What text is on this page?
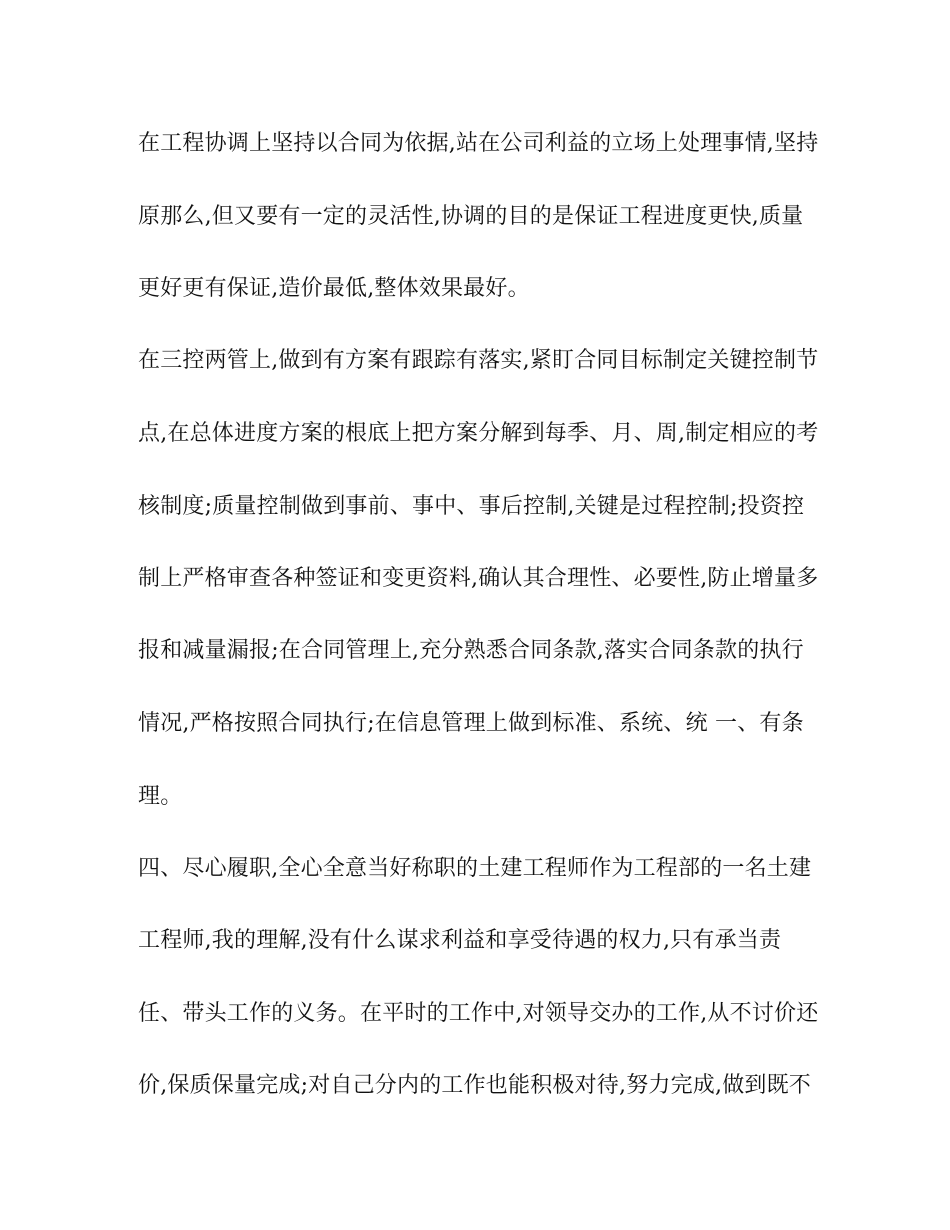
在工程协调上坚持以合同为依据,站在公司利益的立场上处理事情,坚持
原那么,但又要有一定的灵活性,协调的目的是保证工程进度更快,质量
更好更有保证,造价最低,整体效果最好。
在三控两管上,做到有方案有跟踪有落实,紧盯合同目标制定关键控制节
点,在总体进度方案的根底上把方案分解到每季、月、周,制定相应的考
核制度;质量控制做到事前、事中、事后控制,关键是过程控制;投资控
制上严格审查各种签证和变更资料,确认其合理性、必要性,防止增量多
报和减量漏报;在合同管理上,充分熟悉合同条款,落实合同条款的执行
情况,严格按照合同执行;在信息管理上做到标准、系统、统 一、有条
理。
四、尽心履职,全心全意当好称职的土建工程师作为工程部的一名土建
工程师,我的理解,没有什么谋求利益和享受待遇的权力,只有承当责
任、带头工作的义务。在平时的工作中,对领导交办的工作,从不讨价还
价,保质保量完成;对自己分内的工作也能积极对待,努力完成,做到既不
